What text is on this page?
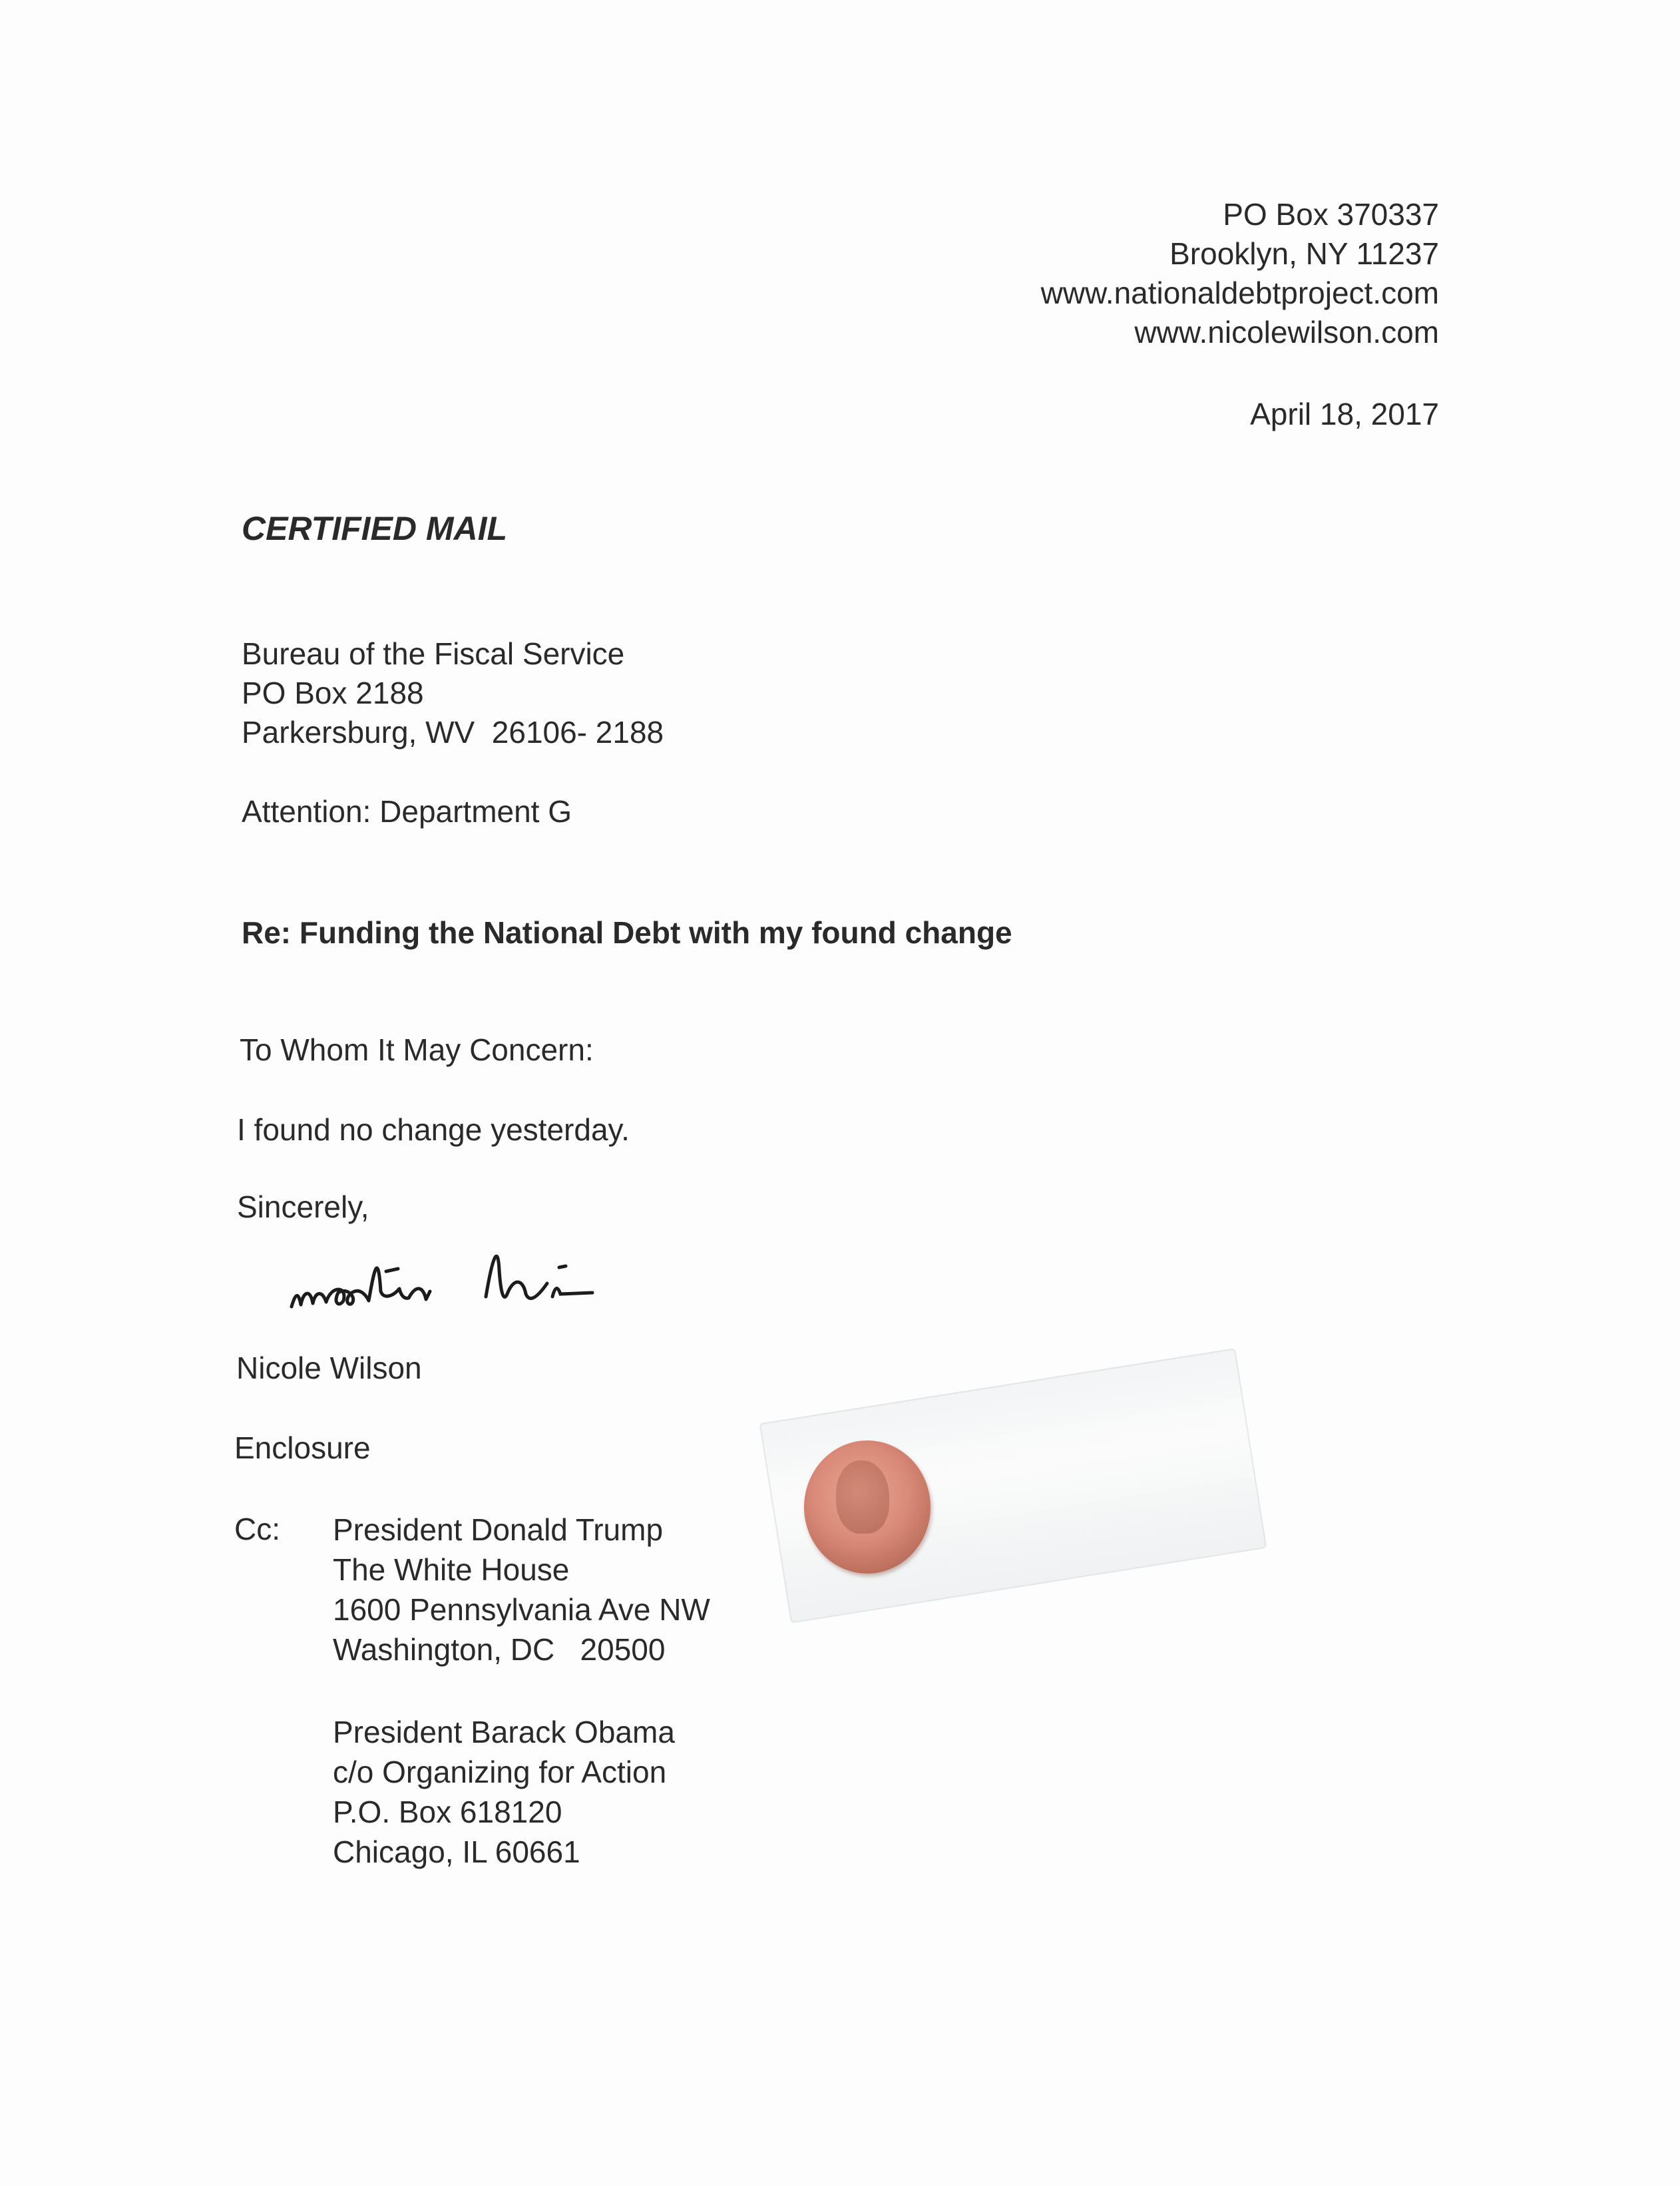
PO Box 370337
Brooklyn, NY 11237
www.nationaldebtproject.com
www.nicolewilson.com
April 18, 2017
CERTIFIED MAIL
Bureau of the Fiscal Service
PO Box 2188
Parkersburg, WV  26106- 2188
Attention: Department G
Re: Funding the National Debt with my found change
To Whom It May Concern:
I found no change yesterday.
Sincerely,
Nicole Wilson
Enclosure
Cc: President Donald Trump
The White House
1600 Pennsylvania Ave NW
Washington, DC   20500
President Barack Obama
c/o Organizing for Action
P.O. Box 618120
Chicago, IL 60661
